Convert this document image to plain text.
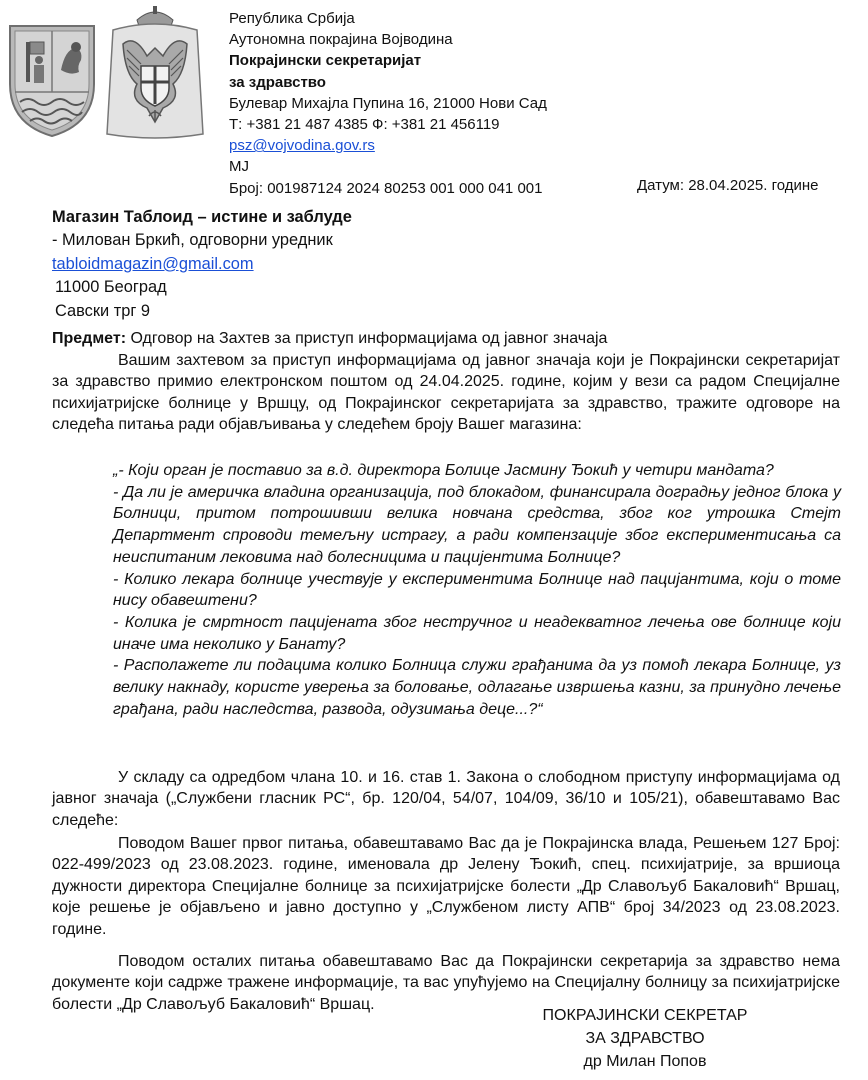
Република Србија
Аутономна покрајина Војводина
Покрајински секретаријат
за здравство
Булевар Михајла Пупина 16, 21000 Нови Сад
Т: +381 21 487 4385 Ф: +381 21 456119
psz@vojvodina.gov.rs
МЈ
Број: 001987124 2024 80253 001 000 041 001	Датум: 28.04.2025. године
Магазин Таблоид – истине и заблуде
- Милован Бркић, одговорни уредник
tabloidmagazin@gmail.com
11000 Београд
Савски трг 9
Предмет: Одговор на Захтев за приступ информацијама од јавног значаја
Вашим захтевом за приступ информацијама од јавног значаја који је Покрајински секретаријат за здравство примио електронском поштом од 24.04.2025. године, којим у вези са радом Специјалне психијатријске болнице у Вршцу, од Покрајинског секретаријата за здравство, тражите одговоре на следећа питања ради објављивања у следећем броју Вашег магазина:

„- Који орган је поставио за в.д. директора Болице Јасмину Ђокић у четири мандата?

- Да ли је америчка владина организација, под блокадом, финансирала доградњу једног блока у Болници, притом потрошивши велика новчана средства, због ког утрошка Стејт Департмент спроводи темељну истрагу, а ради компензације због експериментисања са неиспитаним лековима над болесницима и пацијентима Болнице?

- Колико лекара болнице учествује у експериментима Болнице над пацијантима, који о томе нису обавештени?

- Колика је смртност пацијената због нестручног и неадекватног лечења ове болнице који иначе има неколико у Банату?

- Располажете ли подацима колико Болница служи грађанима да уз помоћ лекара Болнице, уз велику накнаду, користе уверења за боловање, одлагање извршења казни, за принудно лечење грађана, ради наследства, развода, одузимања деце...?“

У складу са одредбом члана 10. и 16. став 1. Закона о слободном приступу информацијама од јавног значаја („Службени гласник РС“, бр. 120/04, 54/07, 104/09, 36/10 и 105/21), обавештавамо Вас следеће:
Поводом Вашег првог питања, обавештавамо Вас да је Покрајинска влада, Решењем 127 Број: 022-499/2023 од 23.08.2023. године, именовала др Јелену Ђокић, спец. психијатрије, за вршиоца дужности директора Специјалне болнице за психијатријске болести „Др Славољуб Бакаловић“ Вршац, које решење је објављено и јавно доступно у „Службеном листу АПВ“ број 34/2023 од 23.08.2023. године.
Поводом осталих питања обавештавамо Вас да Покрајински секретарија за здравство нема документе који садрже тражене информације, та вас упућујемо на Специјалну болницу за психијатријске болести „Др Славољуб Бакаловић“ Вршац.
ПОКРАЈИНСКИ СЕКРЕТАР
ЗА ЗДРАВСТВО
др Милан Попов
